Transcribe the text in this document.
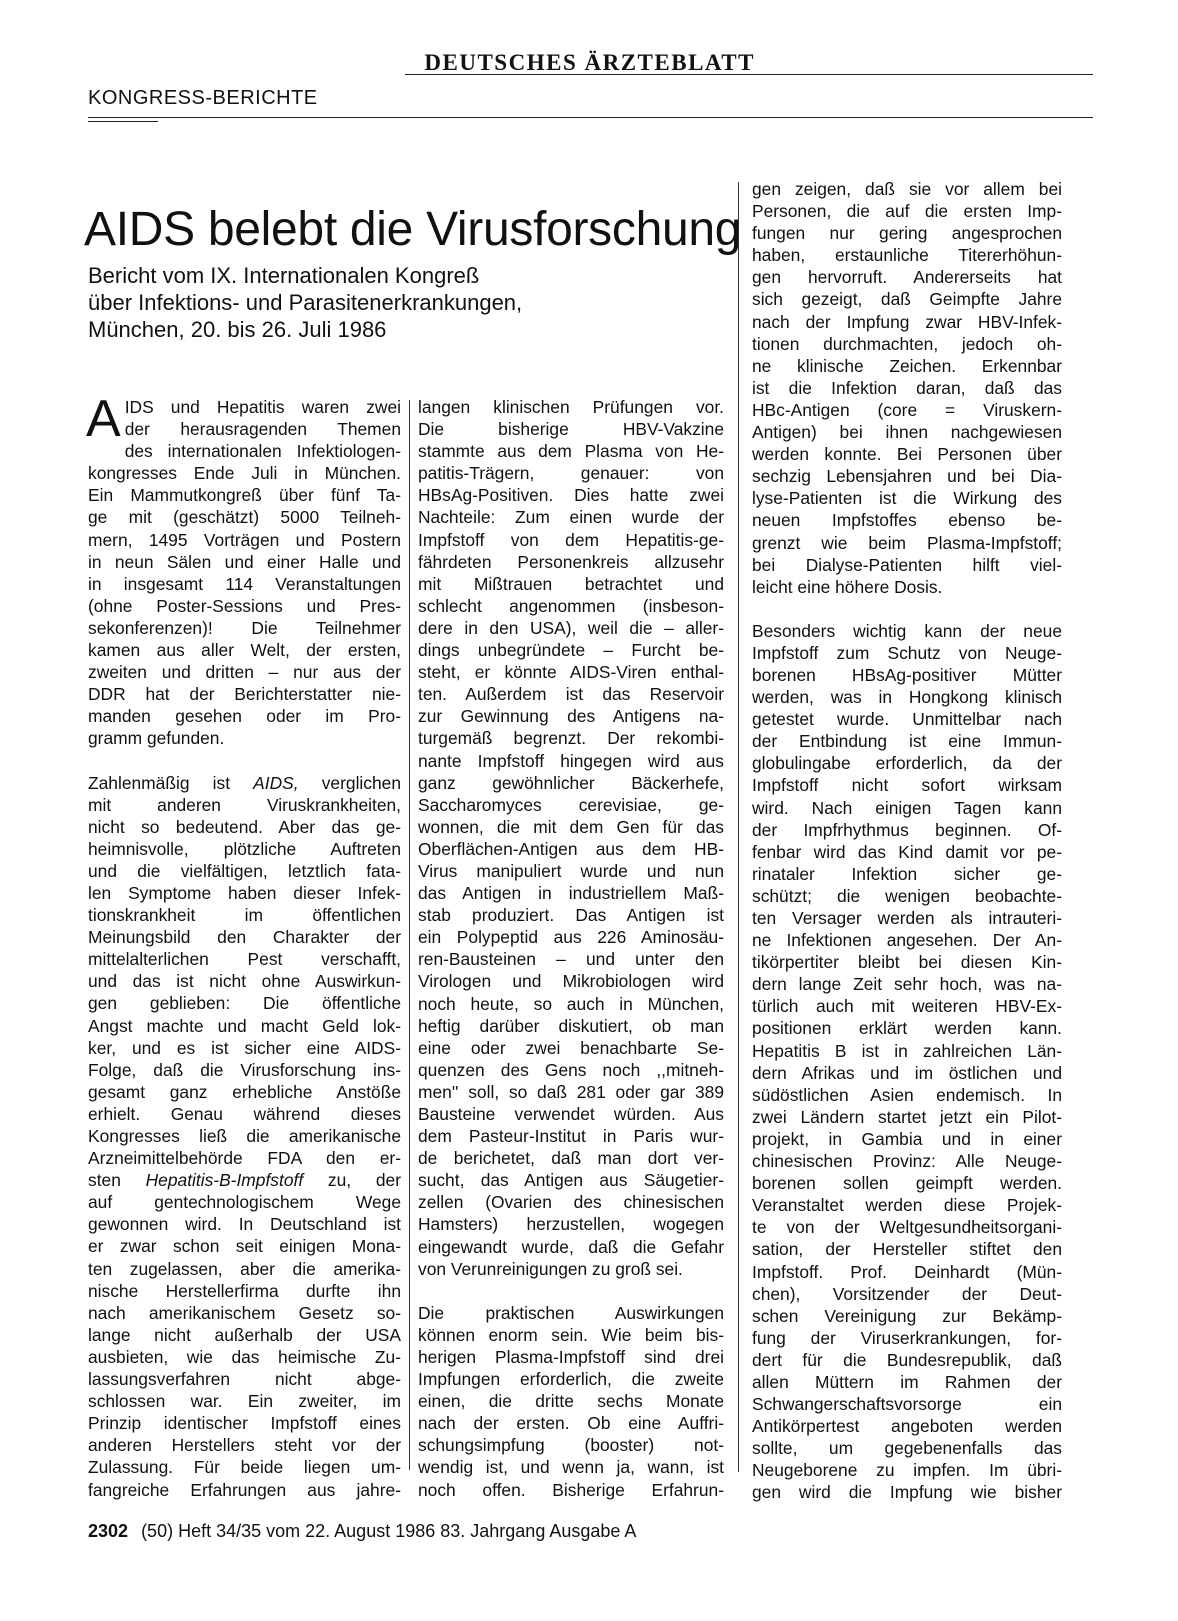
DEUTSCHES ÄRZTEBLATT
KONGRESS-BERICHTE
AIDS belebt die Virusforschung
Bericht vom IX. Internationalen Kongreß
über Infektions- und Parasitenerkrankungen,
München, 20. bis 26. Juli 1986
A IDS und Hepatitis waren zwei
der herausragenden Themen
des internationalen Infektiologen-
kongresses Ende Juli in München.
Ein Mammutkongreß über fünf Ta-
ge mit (geschätzt) 5000 Teilneh-
mern, 1495 Vorträgen und Postern
in neun Sälen und einer Halle und
in insgesamt 114 Veranstaltungen
(ohne Poster-Sessions und Pres-
sekonferenzen)! Die Teilnehmer
kamen aus aller Welt, der ersten,
zweiten und dritten – nur aus der
DDR hat der Berichterstatter nie-
manden gesehen oder im Pro-
gramm gefunden.
Zahlenmäßig ist AIDS, verglichen
mit anderen Viruskrankheiten,
nicht so bedeutend. Aber das ge-
heimnisvolle, plötzliche Auftreten
und die vielfältigen, letztlich fata-
len Symptome haben dieser Infek-
tionskrankheit im öffentlichen
Meinungsbild den Charakter der
mittelalterlichen Pest verschafft,
und das ist nicht ohne Auswirkun-
gen geblieben: Die öffentliche
Angst machte und macht Geld lok-
ker, und es ist sicher eine AIDS-
Folge, daß die Virusforschung ins-
gesamt ganz erhebliche Anstöße
erhielt. Genau während dieses
Kongresses ließ die amerikanische
Arzneimittelbehörde FDA den er-
sten Hepatitis-B-Impfstoff zu, der
auf gentechnologischem Wege
gewonnen wird. In Deutschland ist
er zwar schon seit einigen Mona-
ten zugelassen, aber die amerika-
nische Herstellerfirma durfte ihn
nach amerikanischem Gesetz so-
lange nicht außerhalb der USA
ausbieten, wie das heimische Zu-
lassungsverfahren nicht abge-
schlossen war. Ein zweiter, im
Prinzip identischer Impfstoff eines
anderen Herstellers steht vor der
Zulassung. Für beide liegen um-
fangreiche Erfahrungen aus jahre-
langen klinischen Prüfungen vor.
Die bisherige HBV-Vakzine
stammte aus dem Plasma von He-
patitis-Trägern, genauer: von
HBsAg-Positiven. Dies hatte zwei
Nachteile: Zum einen wurde der
Impfstoff von dem Hepatitis-ge-
fährdeten Personenkreis allzusehr
mit Mißtrauen betrachtet und
schlecht angenommen (insbeson-
dere in den USA), weil die – aller-
dings unbegründete – Furcht be-
steht, er könnte AIDS-Viren enthal-
ten. Außerdem ist das Reservoir
zur Gewinnung des Antigens na-
turgemäß begrenzt. Der rekombi-
nante Impfstoff hingegen wird aus
ganz gewöhnlicher Bäckerhefe,
Saccharomyces cerevisiae, ge-
wonnen, die mit dem Gen für das
Oberflächen-Antigen aus dem HB-
Virus manipuliert wurde und nun
das Antigen in industriellem Maß-
stab produziert. Das Antigen ist
ein Polypeptid aus 226 Aminosäu-
ren-Bausteinen – und unter den
Virologen und Mikrobiologen wird
noch heute, so auch in München,
heftig darüber diskutiert, ob man
eine oder zwei benachbarte Se-
quenzen des Gens noch ,,mitneh-
men'' soll, so daß 281 oder gar 389
Bausteine verwendet würden. Aus
dem Pasteur-Institut in Paris wur-
de berichetet, daß man dort ver-
sucht, das Antigen aus Säugetier-
zellen (Ovarien des chinesischen
Hamsters) herzustellen, wogegen
eingewandt wurde, daß die Gefahr
von Verunreinigungen zu groß sei.
Die praktischen Auswirkungen
können enorm sein. Wie beim bis-
herigen Plasma-Impfstoff sind drei
Impfungen erforderlich, die zweite
einen, die dritte sechs Monate
nach der ersten. Ob eine Auffri-
schungsimpfung (booster) not-
wendig ist, und wenn ja, wann, ist
noch offen. Bisherige Erfahrun-
gen zeigen, daß sie vor allem bei
Personen, die auf die ersten Imp-
fungen nur gering angesprochen
haben, erstaunliche Titererhöhun-
gen hervorruft. Andererseits hat
sich gezeigt, daß Geimpfte Jahre
nach der Impfung zwar HBV-Infek-
tionen durchmachten, jedoch oh-
ne klinische Zeichen. Erkennbar
ist die Infektion daran, daß das
HBc-Antigen (core = Viruskern-
Antigen) bei ihnen nachgewiesen
werden konnte. Bei Personen über
sechzig Lebensjahren und bei Dia-
lyse-Patienten ist die Wirkung des
neuen Impfstoffes ebenso be-
grenzt wie beim Plasma-Impfstoff;
bei Dialyse-Patienten hilft viel-
leicht eine höhere Dosis.
Besonders wichtig kann der neue
Impfstoff zum Schutz von Neuge-
borenen HBsAg-positiver Mütter
werden, was in Hongkong klinisch
getestet wurde. Unmittelbar nach
der Entbindung ist eine Immun-
globulingabe erforderlich, da der
Impfstoff nicht sofort wirksam
wird. Nach einigen Tagen kann
der Impfrhythmus beginnen. Of-
fenbar wird das Kind damit vor pe-
rinataler Infektion sicher ge-
schützt; die wenigen beobachte-
ten Versager werden als intrauteri-
ne Infektionen angesehen. Der An-
tikörpertiter bleibt bei diesen Kin-
dern lange Zeit sehr hoch, was na-
türlich auch mit weiteren HBV-Ex-
positionen erklärt werden kann.
Hepatitis B ist in zahlreichen Län-
dern Afrikas und im östlichen und
südöstlichen Asien endemisch. In
zwei Ländern startet jetzt ein Pilot-
projekt, in Gambia und in einer
chinesischen Provinz: Alle Neuge-
borenen sollen geimpft werden.
Veranstaltet werden diese Projek-
te von der Weltgesundheitsorgani-
sation, der Hersteller stiftet den
Impfstoff. Prof. Deinhardt (Mün-
chen), Vorsitzender der Deut-
schen Vereinigung zur Bekämp-
fung der Viruserkrankungen, for-
dert für die Bundesrepublik, daß
allen Müttern im Rahmen der
Schwangerschaftsvorsorge ein
Antikörpertest angeboten werden
sollte, um gegebenenfalls das
Neugeborene zu impfen. Im übri-
gen wird die Impfung wie bisher
2302 (50) Heft 34/35 vom 22. August 1986 83. Jahrgang Ausgabe A
